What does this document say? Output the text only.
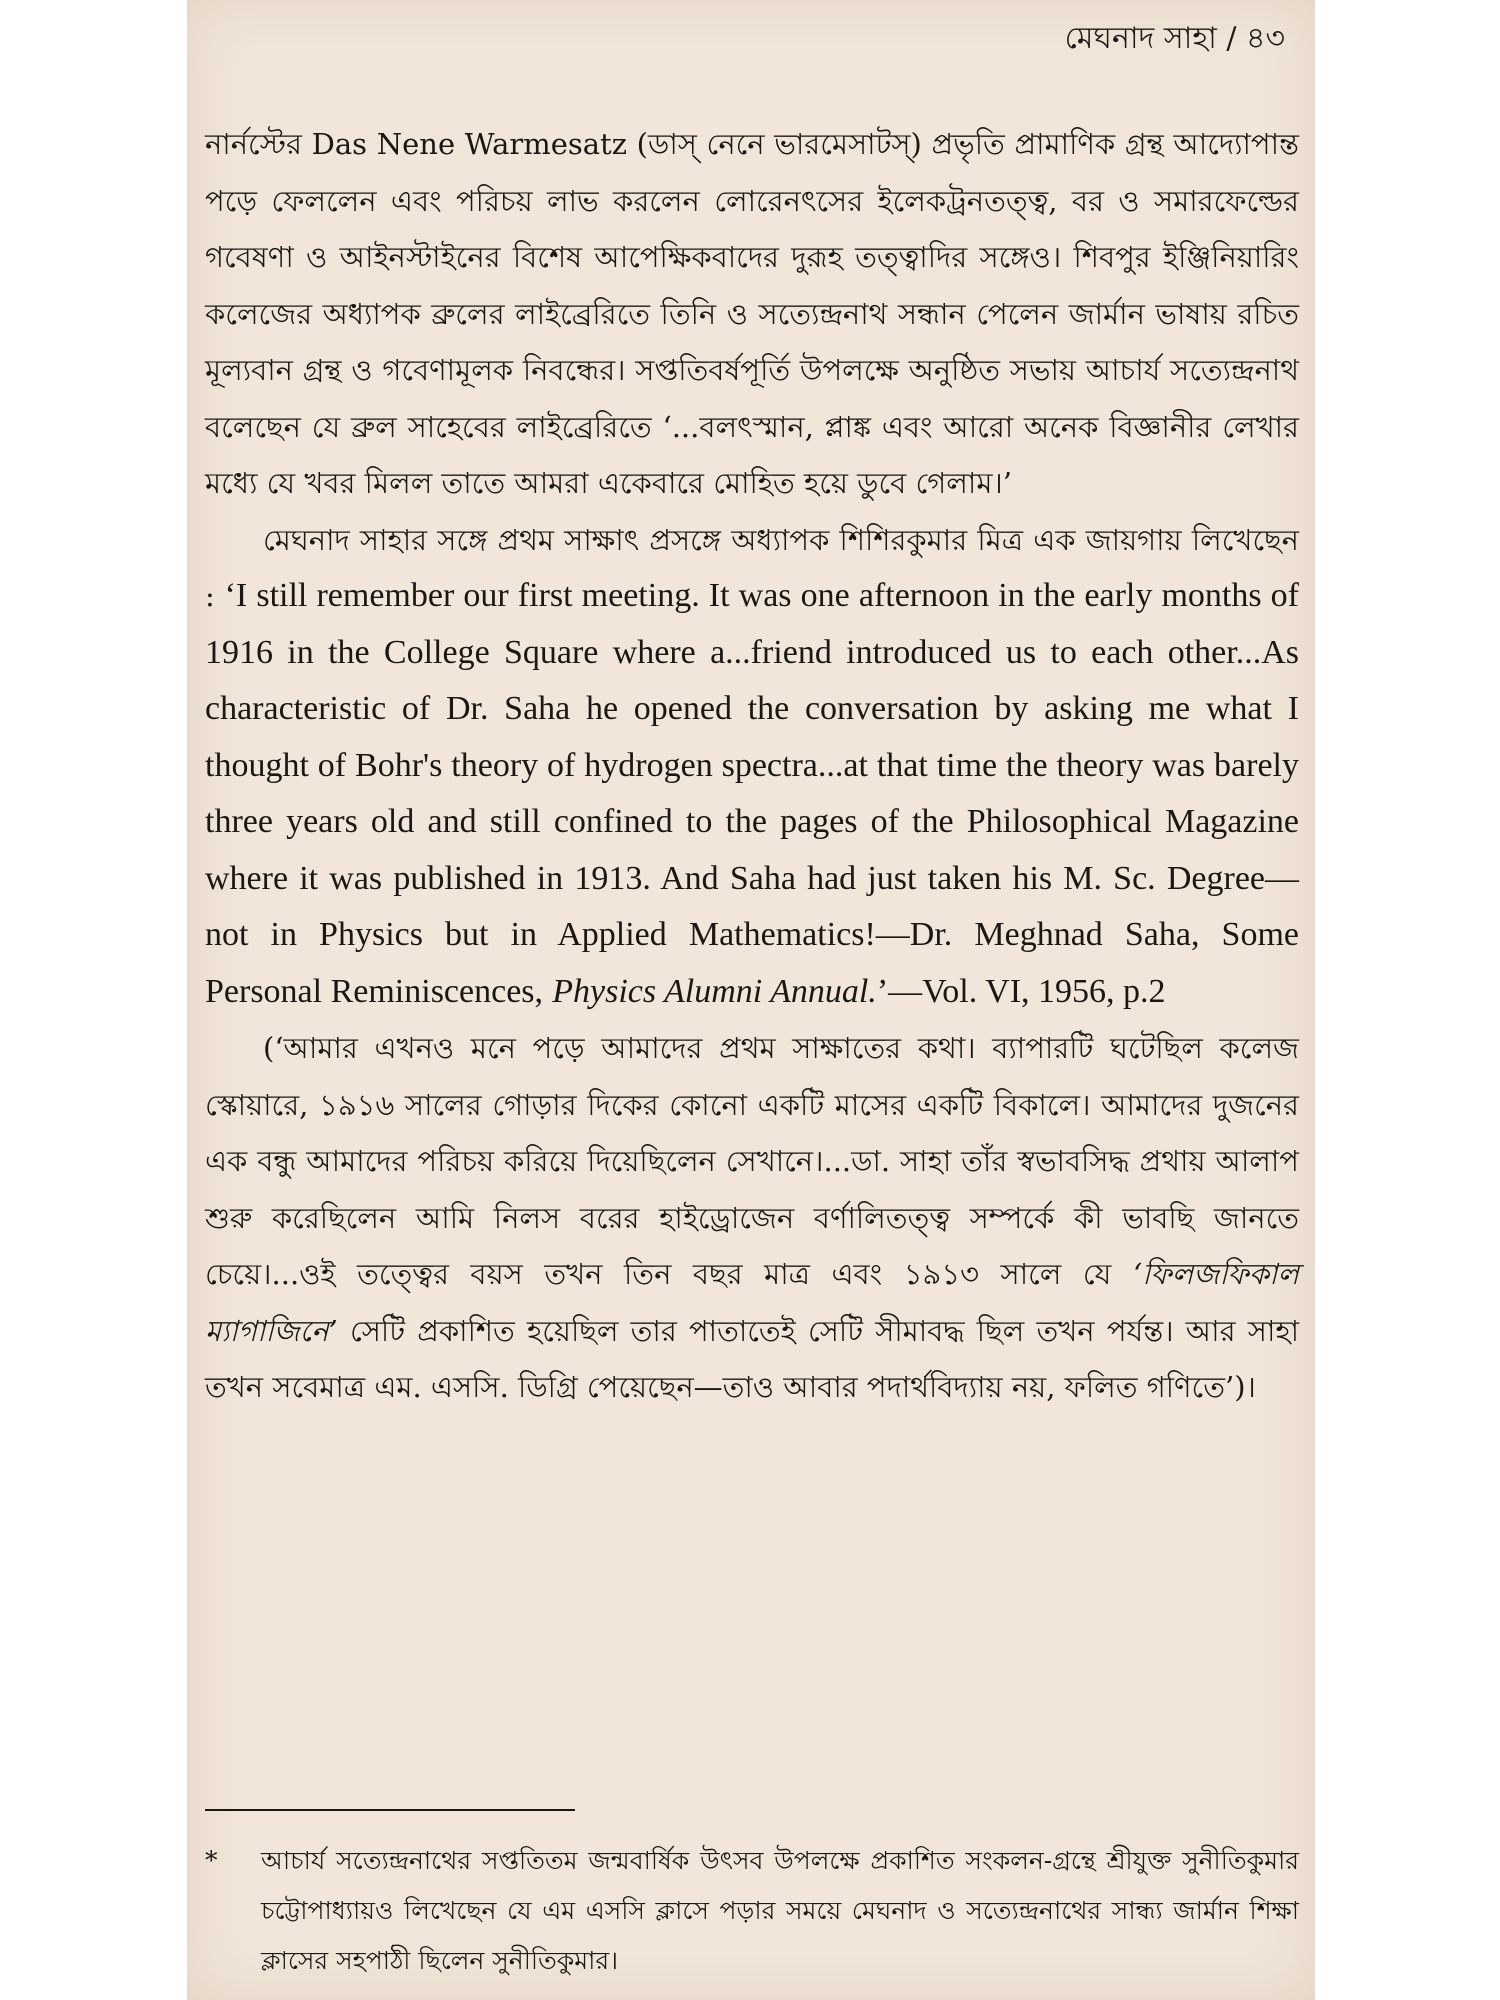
মেঘনাদ সাহা / ৪৩

নার্নস্টের Das Nene Warmesatz (ডাস্ নেনে ভারমেসাটস্) প্রভৃতি প্রামাণিক গ্রন্থ আদ্যোপান্ত পড়ে ফেললেন এবং পরিচয় লাভ করলেন লোরেনৎসের ইলেকট্রনতত্ত্ব, বর ও সমারফেল্ডের গবেষণা ও আইনস্টাইনের বিশেষ আপেক্ষিকবাদের দুরূহ তত্ত্বাদির সঙ্গেও। শিবপুর ইঞ্জিনিয়ারিং কলেজের অধ্যাপক ব্রুলের লাইব্রেরিতে তিনি ও সত্যেন্দ্রনাথ সন্ধান পেলেন জার্মান ভাষায় রচিত মূল্যবান গ্রন্থ ও গবেণামূলক নিবন্ধের। সপ্ততিবর্ষপূর্তি উপলক্ষে অনুষ্ঠিত সভায় আচার্য সত্যেন্দ্রনাথ বলেছেন যে ব্রুল সাহেবের লাইব্রেরিতে ‘...বলৎস্মান, প্লাঙ্ক এবং আরো অনেক বিজ্ঞানীর লেখার মধ্যে যে খবর মিলল তাতে আমরা একেবারে মোহিত হয়ে ডুবে গেলাম।’

মেঘনাদ সাহার সঙ্গে প্রথম সাক্ষাৎ প্রসঙ্গে অধ্যাপক শিশিরকুমার মিত্র এক জায়গায় লিখেছেন : ‘I still remember our first meeting. It was one afternoon in the early months of 1916 in the College Square where a...friend introduced us to each other...As characteristic of Dr. Saha he opened the conversation by asking me what I thought of Bohr's theory of hydrogen spectra...at that time the theory was barely three years old and still confined to the pages of the Philosophical Magazine where it was published in 1913. And Saha had just taken his M. Sc. Degree—not in Physics but in Applied Mathematics!—Dr. Meghnad Saha, Some Personal Reminiscences, Physics Alumni Annual.’—Vol. VI, 1956, p.2

(‘আমার এখনও মনে পড়ে আমাদের প্রথম সাক্ষাতের কথা। ব্যাপারটি ঘটেছিল কলেজ স্কোয়ারে, ১৯১৬ সালের গোড়ার দিকের কোনো একটি মাসের একটি বিকালে। আমাদের দুজনের এক বন্ধু আমাদের পরিচয় করিয়ে দিয়েছিলেন সেখানে।...ডা. সাহা তাঁর স্বভাবসিদ্ধ প্রথায় আলাপ শুরু করেছিলেন আমি নিলস বরের হাইড্রোজেন বর্ণালিতত্ত্ব সম্পর্কে কী ভাবছি জানতে চেয়ে।...ওই তত্ত্বের বয়স তখন তিন বছর মাত্র এবং ১৯১৩ সালে যে ‘ফিলজফিকাল ম্যাগাজিনে’ সেটি প্রকাশিত হয়েছিল তার পাতাতেই সেটি সীমাবদ্ধ ছিল তখন পর্যন্ত। আর সাহা তখন সবেমাত্র এম. এসসি. ডিগ্রি পেয়েছেন—তাও আবার পদার্থবিদ্যায় নয়, ফলিত গণিতে’)।

*	আচার্য সত্যেন্দ্রনাথের সপ্ততিতম জন্মবার্ষিক উৎসব উপলক্ষে প্রকাশিত সংকলন-গ্রন্থে শ্রীযুক্ত সুনীতিকুমার চট্টোপাধ্যায়ও লিখেছেন যে এম এসসি ক্লাসে পড়ার সময়ে মেঘনাদ ও সত্যেন্দ্রনাথের সান্ধ্য জার্মান শিক্ষা ক্লাসের সহপাঠী ছিলেন সুনীতিকুমার।
